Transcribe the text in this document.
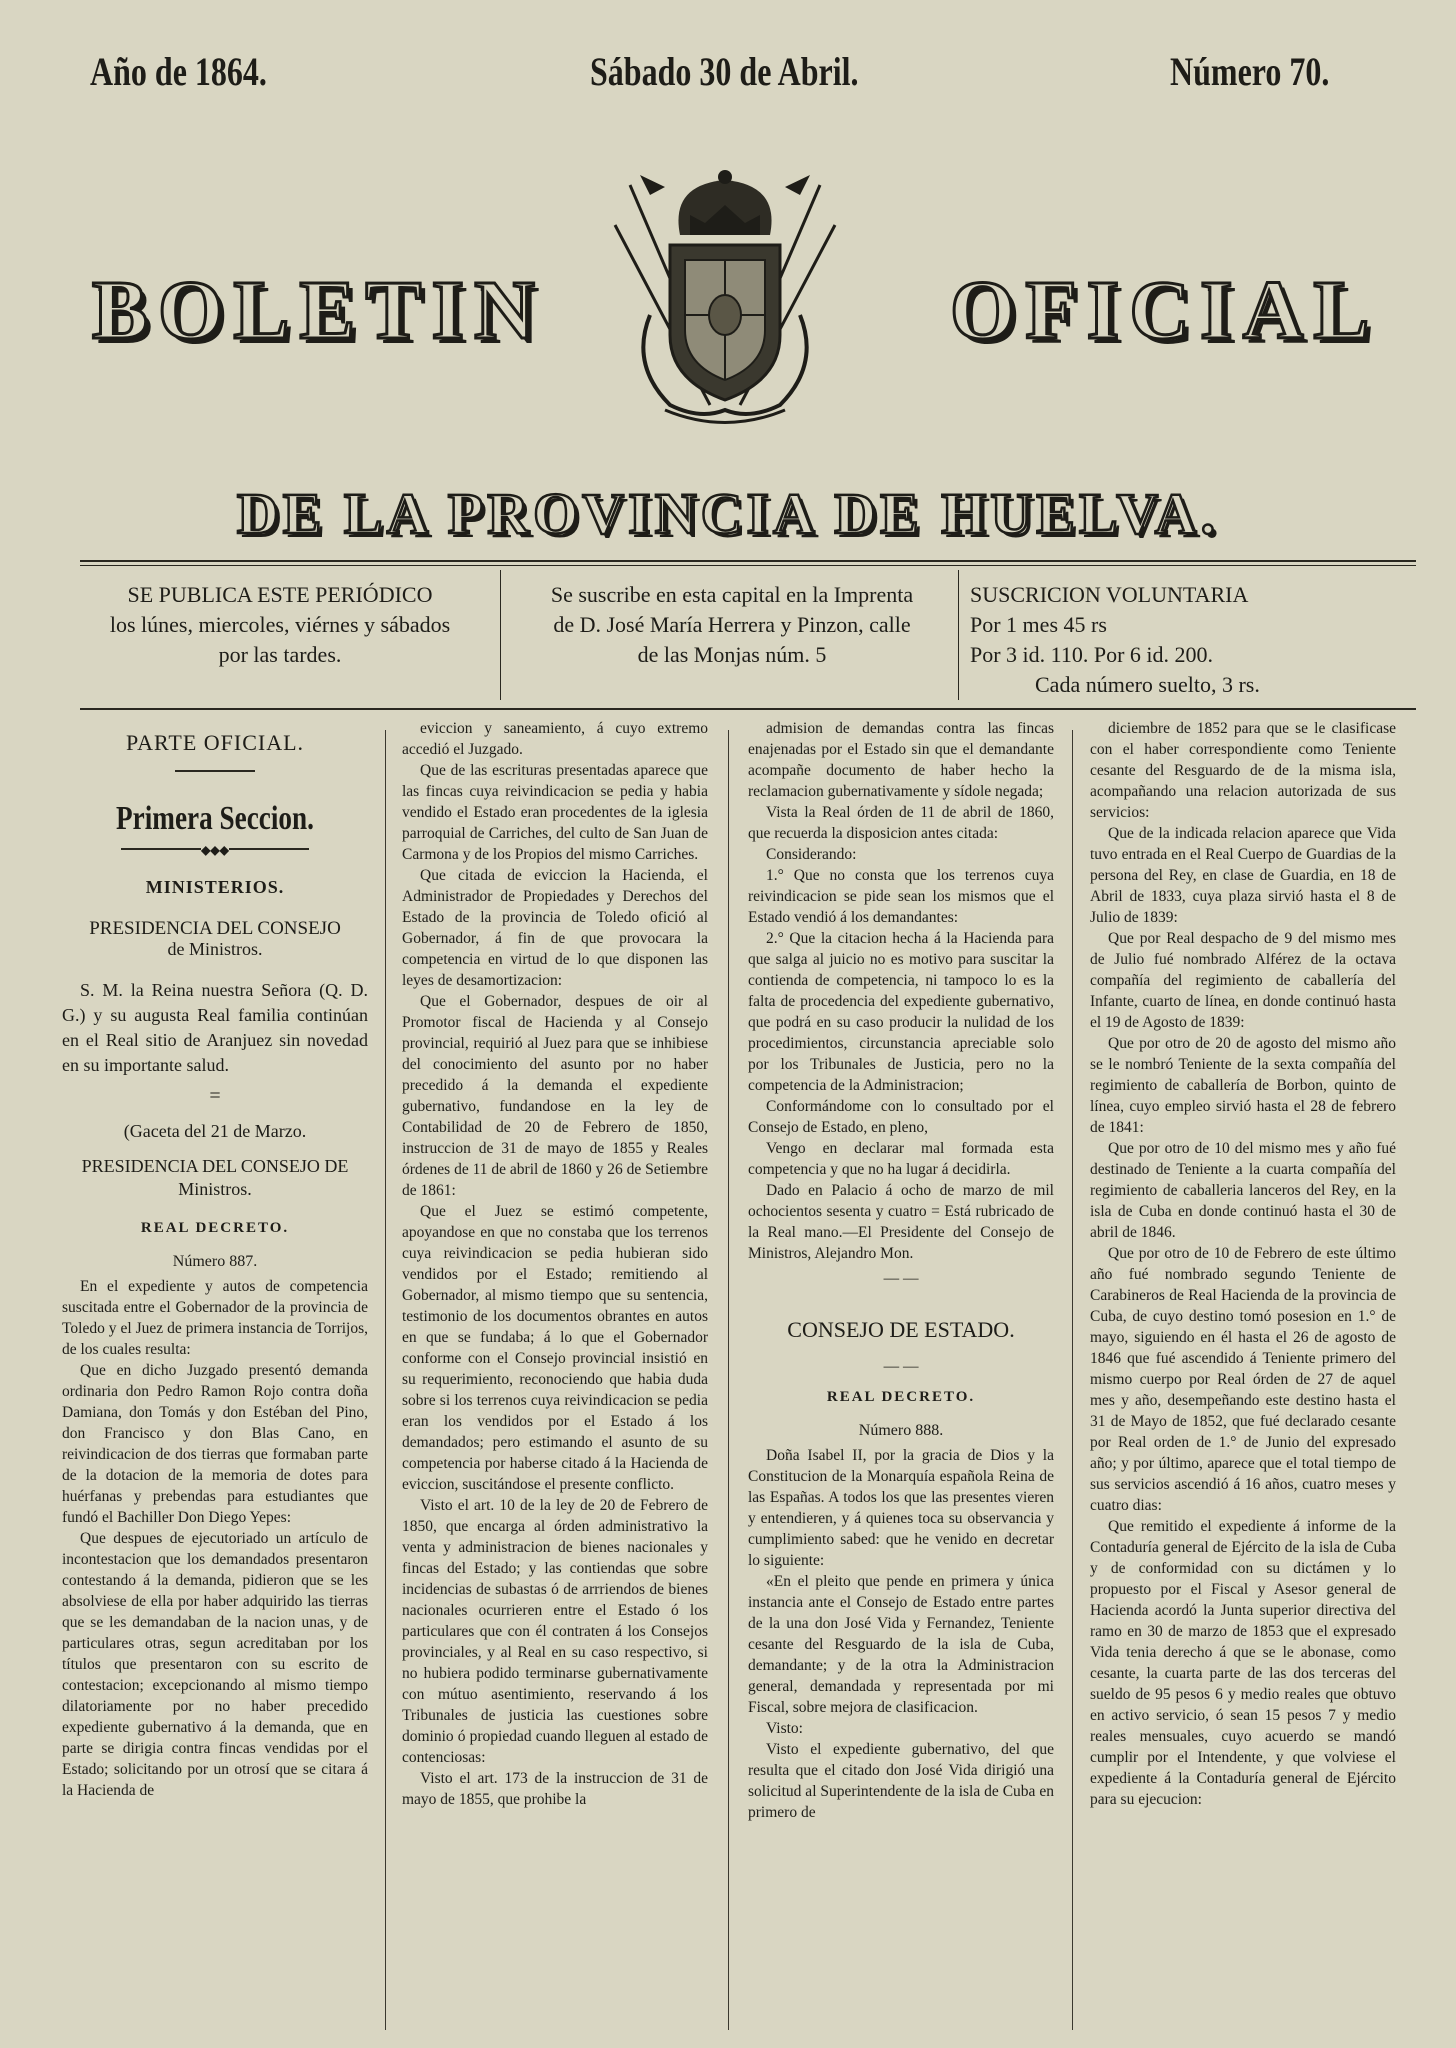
Año de 1864.	Sábado 30 de Abril.	Número 70.
BOLETIN	OFICIAL
DE LA PROVINCIA DE HUELVA.
SE PUBLICA ESTE PERIÓDICO
los lúnes, miercoles, viérnes y sábados
por las tardes.
Se suscribe en esta capital en la Imprenta
de D. José María Herrera y Pinzon, calle
de las Monjas núm. 5
SUSCRICION VOLUNTARIA
Por 1 mes 45 rs
Por 3 id. 110. Por 6 id. 200.
Cada número suelto, 3 rs.
PARTE OFICIAL.
Primera Seccion.
◆◆◆
MINISTERIOS.
PRESIDENCIA DEL CONSEJO
de Ministros.

S. M. la Reina nuestra Señora (Q. D. G.) y su augusta Real familia continúan en el Real sitio de Aranjuez sin novedad en su importante salud.

=
(Gaceta del 21 de Marzo.
PRESIDENCIA DEL CONSEJO DE
Ministros.
REAL DECRETO.
Número 887.

En el expediente y autos de competencia suscitada entre el Gobernador de la provincia de Toledo y el Juez de primera instancia de Torrijos, de los cuales resulta:

Que en dicho Juzgado presentó demanda ordinaria don Pedro Ramon Rojo contra doña Damiana, don Tomás y don Estéban del Pino, don Francisco y don Blas Cano, en reivindicacion de dos tierras que formaban parte de la dotacion de la memoria de dotes para huérfanas y prebendas para estudiantes que fundó el Bachiller Don Diego Yepes:

Que despues de ejecutoriado un artículo de incontestacion que los demandados presentaron contestando á la demanda, pidieron que se les absolviese de ella por haber adquirido las tierras que se les demandaban de la nacion unas, y de particulares otras, segun acreditaban por los títulos que presentaron con su escrito de contestacion; excepcionando al mismo tiempo dilatoriamente por no haber precedido expediente gubernativo á la demanda, que en parte se dirigia contra fincas vendidas por el Estado; solicitando por un otrosí que se citara á la Hacienda de

eviccion y saneamiento, á cuyo extremo accedió el Juzgado.

Que de las escrituras presentadas aparece que las fincas cuya reivindicacion se pedia y habia vendido el Estado eran procedentes de la iglesia parroquial de Carriches, del culto de San Juan de Carmona y de los Propios del mismo Carriches.

Que citada de eviccion la Hacienda, el Administrador de Propiedades y Derechos del Estado de la provincia de Toledo ofició al Gobernador, á fin de que provocara la competencia en virtud de lo que disponen las leyes de desamortizacion:

Que el Gobernador, despues de oir al Promotor fiscal de Hacienda y al Consejo provincial, requirió al Juez para que se inhibiese del conocimiento del asunto por no haber precedido á la demanda el expediente gubernativo, fundandose en la ley de Contabilidad de 20 de Febrero de 1850, instruccion de 31 de mayo de 1855 y Reales órdenes de 11 de abril de 1860 y 26 de Setiembre de 1861:

Que el Juez se estimó competente, apoyandose en que no constaba que los terrenos cuya reivindicacion se pedia hubieran sido vendidos por el Estado; remitiendo al Gobernador, al mismo tiempo que su sentencia, testimonio de los documentos obrantes en autos en que se fundaba; á lo que el Gobernador conforme con el Consejo provincial insistió en su requerimiento, reconociendo que habia duda sobre si los terrenos cuya reivindicacion se pedia eran los vendidos por el Estado á los demandados; pero estimando el asunto de su competencia por haberse citado á la Hacienda de eviccion, suscitándose el presente conflicto.

Visto el art. 10 de la ley de 20 de Febrero de 1850, que encarga al órden administrativo la venta y administracion de bienes nacionales y fincas del Estado; y las contiendas que sobre incidencias de subastas ó de arrriendos de bienes nacionales ocurrieren entre el Estado ó los particulares que con él contraten á los Consejos provinciales, y al Real en su caso respectivo, si no hubiera podido terminarse gubernativamente con mútuo asentimiento, reservando á los Tribunales de justicia las cuestiones sobre dominio ó propiedad cuando lleguen al estado de contenciosas:

Visto el art. 173 de la instruccion de 31 de mayo de 1855, que prohibe la

admision de demandas contra las fincas enajenadas por el Estado sin que el demandante acompañe documento de haber hecho la reclamacion gubernativamente y sídole negada;

Vista la Real órden de 11 de abril de 1860, que recuerda la disposicion antes citada:

Considerando:

1.° Que no consta que los terrenos cuya reivindicacion se pide sean los mismos que el Estado vendió á los demandantes:

2.° Que la citacion hecha á la Hacienda para que salga al juicio no es motivo para suscitar la contienda de competencia, ni tampoco lo es la falta de procedencia del expediente gubernativo, que podrá en su caso producir la nulidad de los procedimientos, circunstancia apreciable solo por los Tribunales de Justicia, pero no la competencia de la Administracion;

Conformándome con lo consultado por el Consejo de Estado, en pleno,

Vengo en declarar mal formada esta competencia y que no ha lugar á decidirla.

Dado en Palacio á ocho de marzo de mil ochocientos sesenta y cuatro = Está rubricado de la Real mano.—El Presidente del Consejo de Ministros, Alejandro Mon.

— —
CONSEJO DE ESTADO.
— —
REAL DECRETO.
Número 888.

Doña Isabel II, por la gracia de Dios y la Constitucion de la Monarquía española Reina de las Españas. A todos los que las presentes vieren y entendieren, y á quienes toca su observancia y cumplimiento sabed: que he venido en decretar lo siguiente:

«En el pleito que pende en primera y única instancia ante el Consejo de Estado entre partes de la una don José Vida y Fernandez, Teniente cesante del Resguardo de la isla de Cuba, demandante; y de la otra la Administracion general, demandada y representada por mi Fiscal, sobre mejora de clasificacion.

Visto:

Visto el expediente gubernativo, del que resulta que el citado don José Vida dirigió una solicitud al Superintendente de la isla de Cuba en primero de

diciembre de 1852 para que se le clasificase con el haber correspondiente como Teniente cesante del Resguardo de de la misma isla, acompañando una relacion autorizada de sus servicios:

Que de la indicada relacion aparece que Vida tuvo entrada en el Real Cuerpo de Guardias de la persona del Rey, en clase de Guardia, en 18 de Abril de 1833, cuya plaza sirvió hasta el 8 de Julio de 1839:

Que por Real despacho de 9 del mismo mes de Julio fué nombrado Alférez de la octava compañía del regimiento de caballería del Infante, cuarto de línea, en donde continuó hasta el 19 de Agosto de 1839:

Que por otro de 20 de agosto del mismo año se le nombró Teniente de la sexta compañía del regimiento de caballería de Borbon, quinto de línea, cuyo empleo sirvió hasta el 28 de febrero de 1841:

Que por otro de 10 del mismo mes y año fué destinado de Teniente a la cuarta compañía del regimiento de caballeria lanceros del Rey, en la isla de Cuba en donde continuó hasta el 30 de abril de 1846.

Que por otro de 10 de Febrero de este último año fué nombrado segundo Teniente de Carabineros de Real Hacienda de la provincia de Cuba, de cuyo destino tomó posesion en 1.° de mayo, siguiendo en él hasta el 26 de agosto de 1846 que fué ascendido á Teniente primero del mismo cuerpo por Real órden de 27 de aquel mes y año, desempeñando este destino hasta el 31 de Mayo de 1852, que fué declarado cesante por Real orden de 1.° de Junio del expresado año; y por último, aparece que el total tiempo de sus servicios ascendió á 16 años, cuatro meses y cuatro dias:

Que remitido el expediente á informe de la Contaduría general de Ejército de la isla de Cuba y de conformidad con su dictámen y lo propuesto por el Fiscal y Asesor general de Hacienda acordó la Junta superior directiva del ramo en 30 de marzo de 1853 que el expresado Vida tenia derecho á que se le abonase, como cesante, la cuarta parte de las dos terceras del sueldo de 95 pesos 6 y medio reales que obtuvo en activo servicio, ó sean 15 pesos 7 y medio reales mensuales, cuyo acuerdo se mandó cumplir por el Intendente, y que volviese el expediente á la Contaduría general de Ejército para su ejecucion:
